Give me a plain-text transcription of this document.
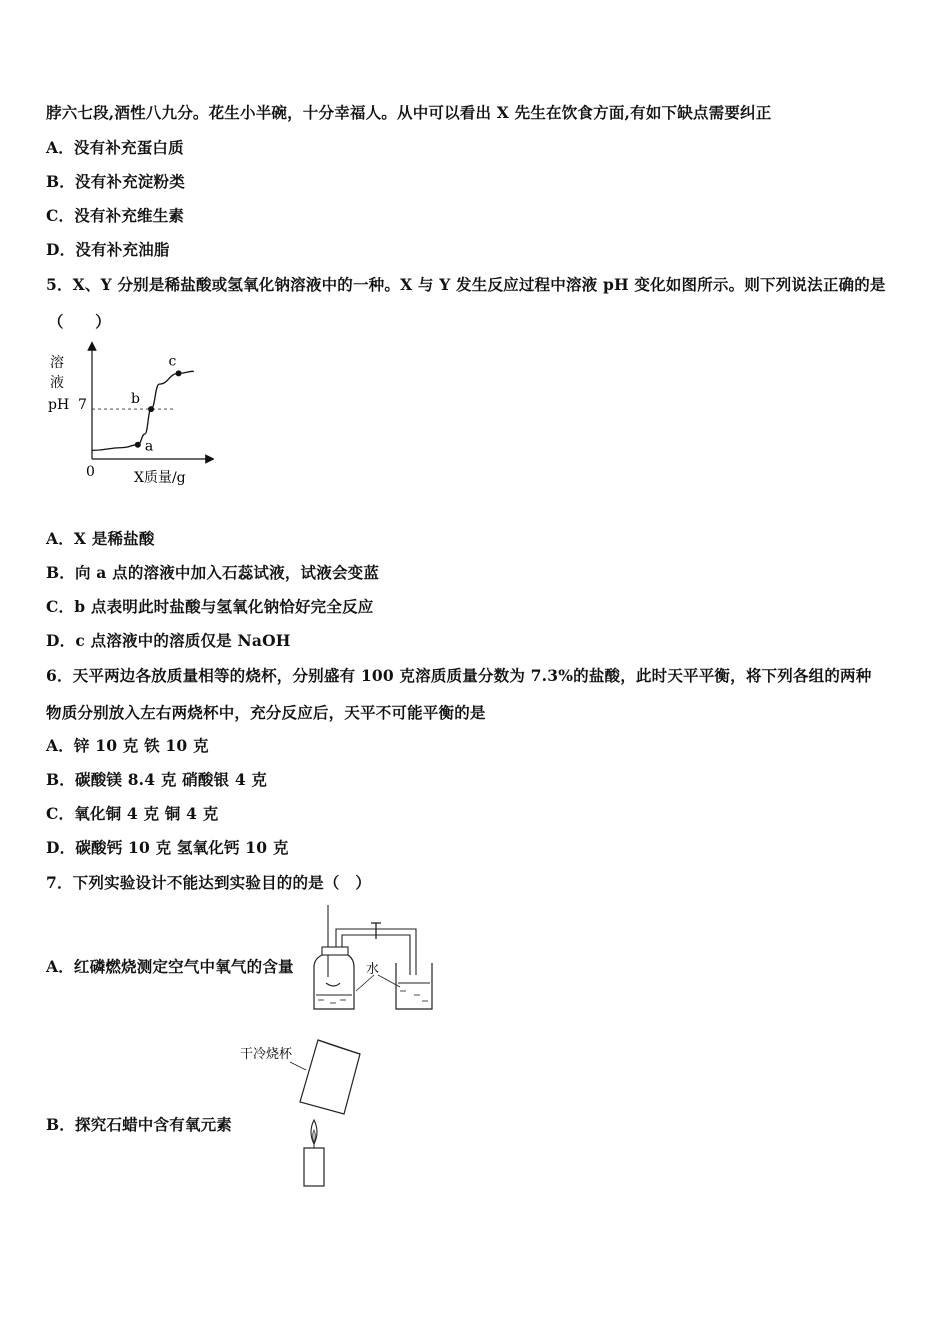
脖六七段,酒性八九分。花生小半碗，十分幸福人。从中可以看出 X 先生在饮食方面,有如下缺点需要纠正
A．没有补充蛋白质
B．没有补充淀粉类
C．没有补充维生素
D．没有补充油脂
5．X、Y 分别是稀盐酸或氢氧化钠溶液中的一种。X 与 Y 发生反应过程中溶液 pH 变化如图所示。则下列说法正确的是
（　　）
溶
液
pH 7
a
b
c
0	X质量/g
A．X 是稀盐酸
B．向 a 点的溶液中加入石蕊试液，试液会变蓝
C．b 点表明此时盐酸与氢氧化钠恰好完全反应
D．c 点溶液中的溶质仅是 NaOH
6．天平两边各放质量相等的烧杯，分别盛有 100 克溶质质量分数为 7.3%的盐酸，此时天平平衡，将下列各组的两种
物质分别放入左右两烧杯中，充分反应后，天平不可能平衡的是
A．锌 10 克 铁 10 克
B．碳酸镁 8.4 克 硝酸银 4 克
C．氧化铜 4 克 铜 4 克
D．碳酸钙 10 克 氢氧化钙 10 克
7．下列实验设计不能达到实验目的的是（　）
A．红磷燃烧测定空气中氧气的含量	水
B．探究石蜡中含有氧元素
干冷烧杯
